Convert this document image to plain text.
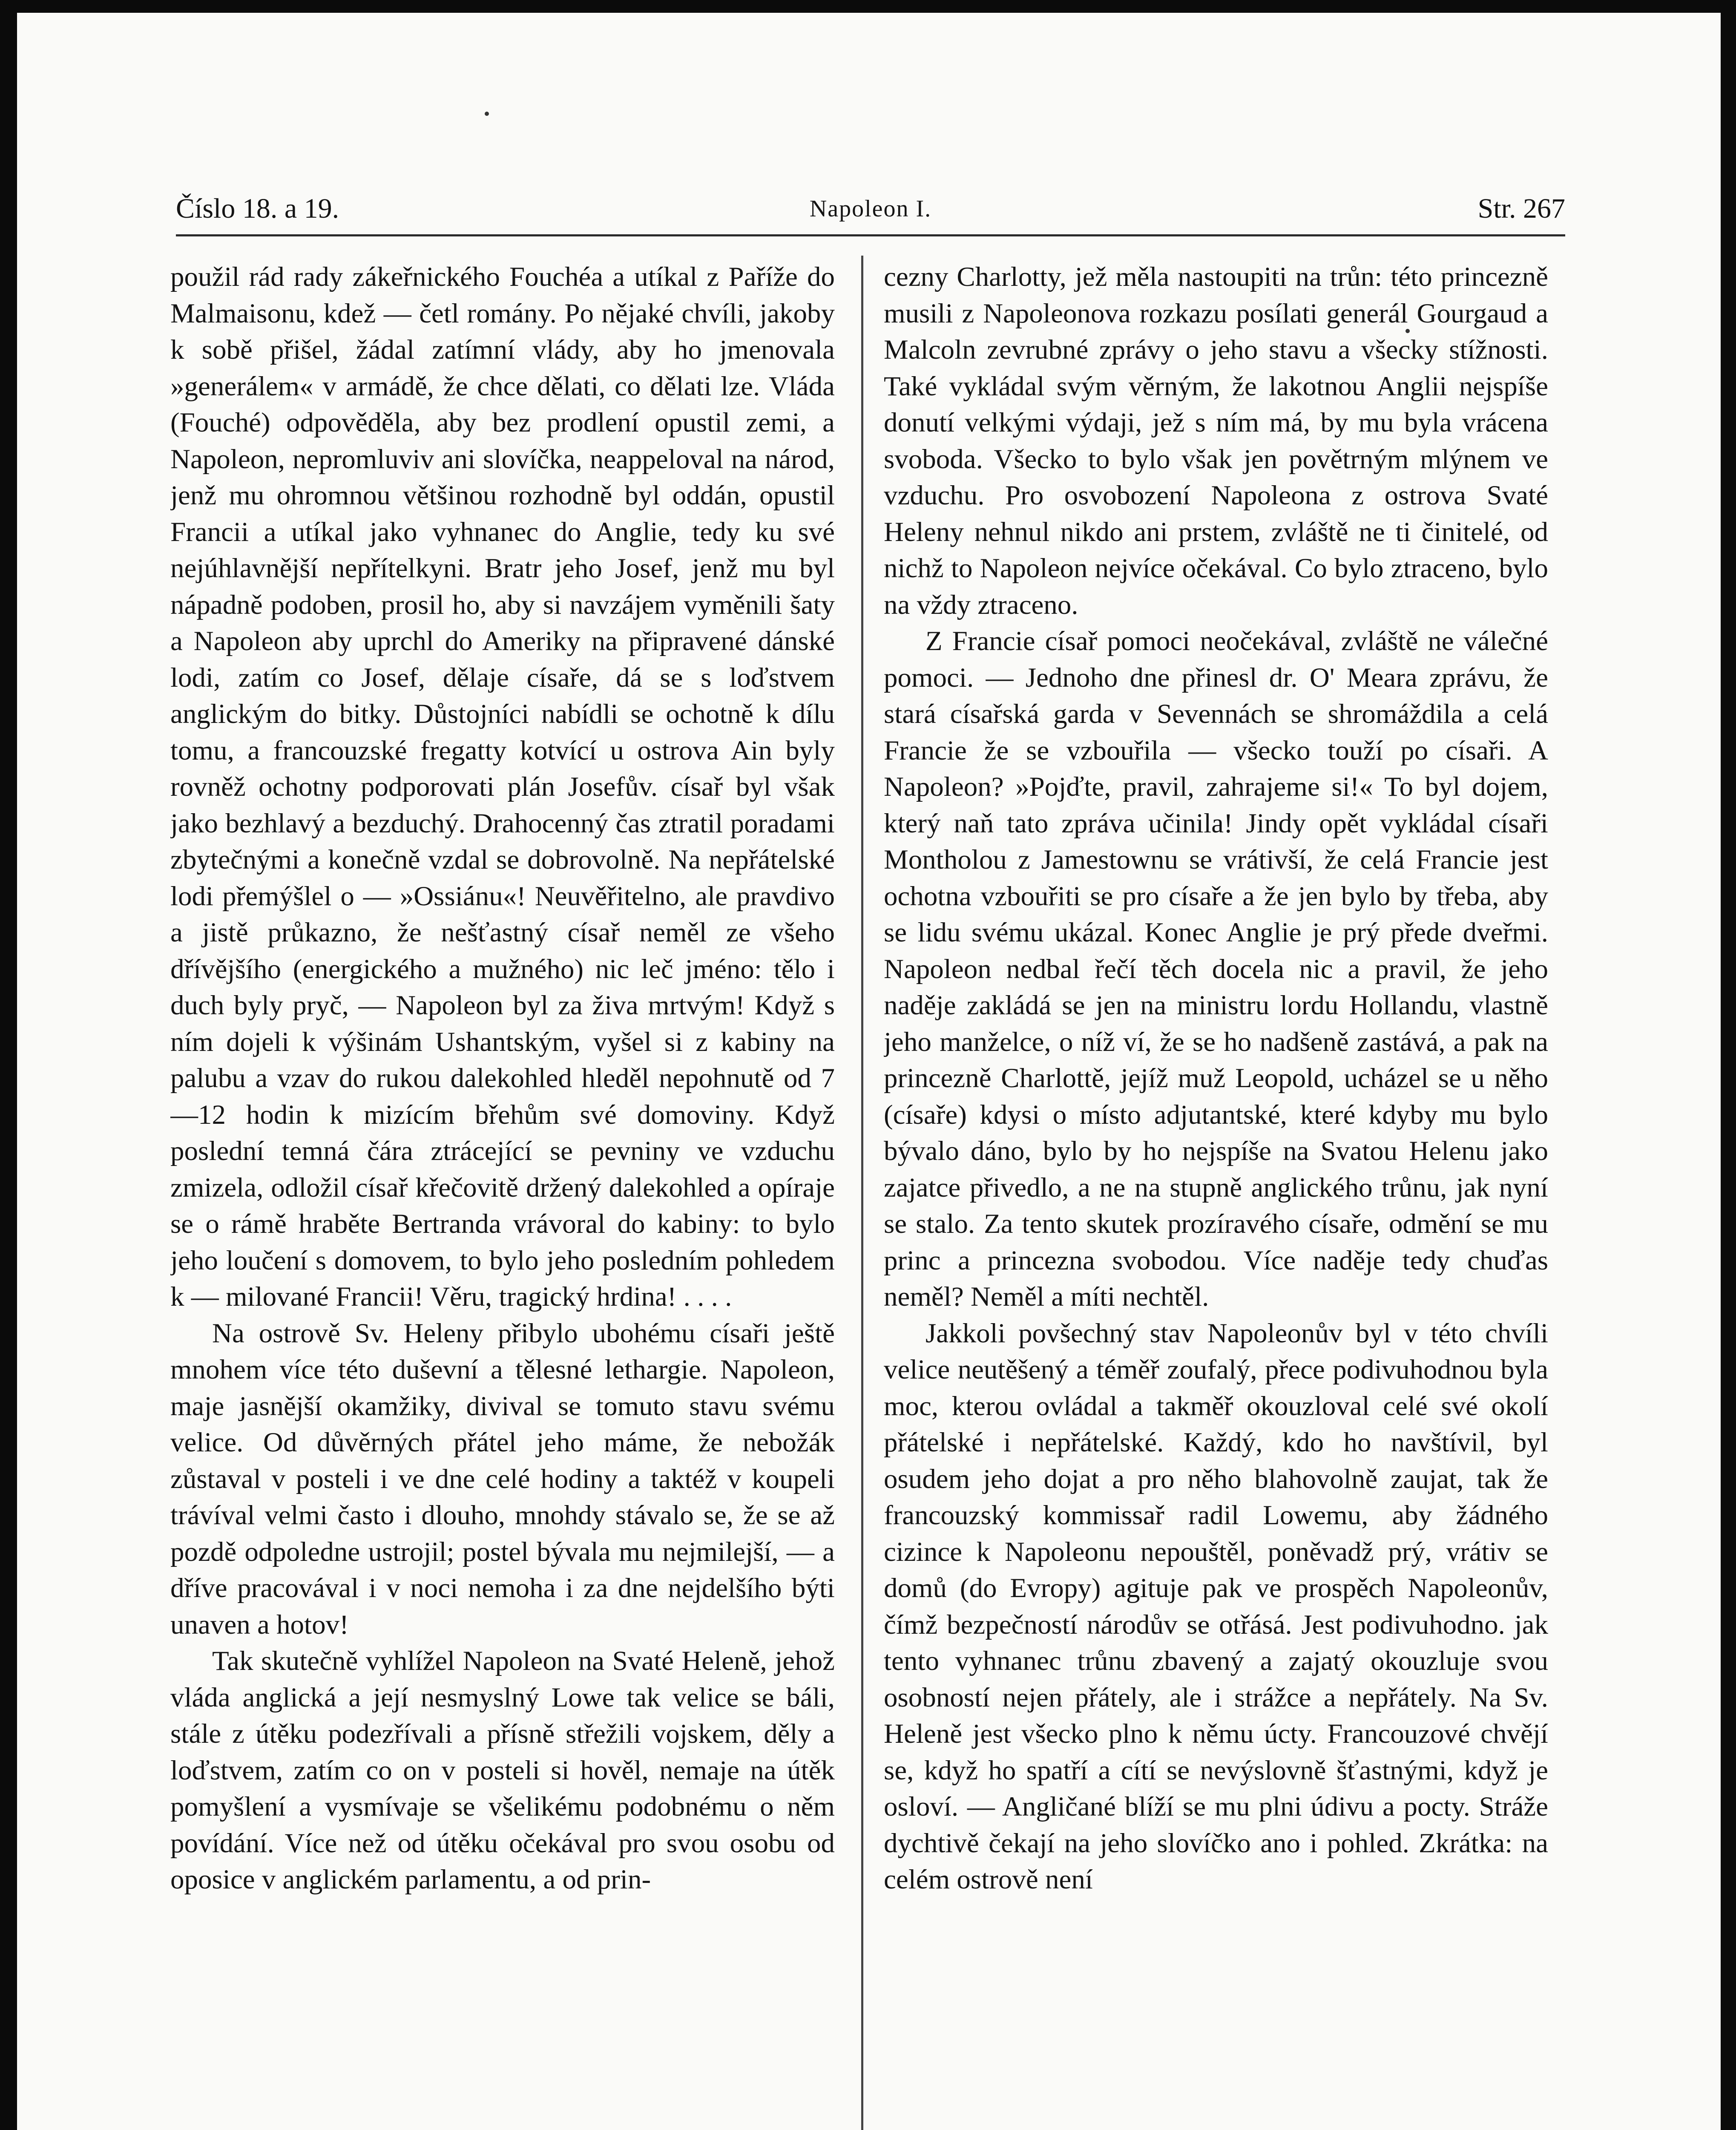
Číslo 18. a 19.	Napoleon I.	Str. 267

použil rád rady zákeřnického Fouchéa a utíkal z Paříže do Malmaisonu, kdež — četl romány. Po nějaké chvíli, jakoby k sobě přišel, žádal zatímní vlády, aby ho jmenovala »generálem« v armádě, že chce dělati, co dělati lze. Vláda (Fouché) odpověděla, aby bez prodlení opustil zemi, a Napoleon, nepromluviv ani slovíčka, neappeloval na národ, jenž mu ohromnou většinou rozhodně byl oddán, opustil Francii a utíkal jako vyhnanec do Anglie, tedy ku své nejúhlavnější nepřítelkyni. Bratr jeho Josef, jenž mu byl nápadně podoben, prosil ho, aby si navzájem vyměnili šaty a Napoleon aby uprchl do Ameriky na připravené dánské lodi, zatím co Josef, dělaje císaře, dá se s loďstvem anglickým do bitky. Důstojníci nabídli se ochotně k dílu tomu, a francouzské fregatty kotvící u ostrova Ain byly rovněž ochotny podporovati plán Josefův. císař byl však jako bezhlavý a bezduchý. Drahocenný čas ztratil poradami zbytečnými a konečně vzdal se dobrovolně. Na nepřátelské lodi přemýšlel o — »Ossiánu«! Neuvěřitelno, ale pravdivo a jistě průkazno, že nešťastný císař neměl ze všeho dřívějšího (energického a mužného) nic leč jméno: tělo i duch byly pryč, — Napoleon byl za živa mrtvým! Když s ním dojeli k výšinám Ushantským, vyšel si z kabiny na palubu a vzav do rukou dalekohled hleděl nepohnutě od 7—12 hodin k mizícím břehům své domoviny. Když poslední temná čára ztrácející se pevniny ve vzduchu zmizela, odložil císař křečovitě držený dalekohled a opíraje se o rámě hraběte Bertranda vrávoral do kabiny: to bylo jeho loučení s domovem, to bylo jeho posledním pohledem k — milované Francii! Věru, tragický hrdina! . . . .

Na ostrově Sv. Heleny přibylo ubohému císaři ještě mnohem více této duševní a tělesné lethargie. Napoleon, maje jasnější okamžiky, divival se tomuto stavu svému velice. Od důvěrných přátel jeho máme, že nebožák zůstaval v posteli i ve dne celé hodiny a taktéž v koupeli trávíval velmi často i dlouho, mnohdy stávalo se, že se až pozdě odpoledne ustrojil; postel bývala mu nejmilejší, — a dříve pracovával i v noci nemoha i za dne nejdelšího býti unaven a hotov!

Tak skutečně vyhlížel Napoleon na Svaté Heleně, jehož vláda anglická a její nesmyslný Lowe tak velice se báli, stále z útěku podezřívali a přísně střežili vojskem, děly a loďstvem, zatím co on v posteli si hověl, nemaje na útěk pomyšlení a vysmívaje se všelikému podobnému o něm povídání. Více než od útěku očekával pro svou osobu od oposice v anglickém parlamentu, a od prin-

cezny Charlotty, jež měla nastoupiti na trůn: této princezně musili z Napoleonova rozkazu posílati generál Gourgaud a Malcoln zevrubné zprávy o jeho stavu a všecky stížnosti. Také vykládal svým věrným, že lakotnou Anglii nejspíše donutí velkými výdaji, jež s ním má, by mu byla vrácena svoboda. Všecko to bylo však jen povětrným mlýnem ve vzduchu. Pro osvobození Napoleona z ostrova Svaté Heleny nehnul nikdo ani prstem, zvláště ne ti činitelé, od nichž to Napoleon nejvíce očekával. Co bylo ztraceno, bylo na vždy ztraceno.

Z Francie císař pomoci neočekával, zvláště ne válečné pomoci. — Jednoho dne přinesl dr. O' Meara zprávu, že stará císařská garda v Sevennách se shromáždila a celá Francie že se vzbouřila — všecko touží po císaři. A Napoleon? »Pojďte, pravil, zahrajeme si!« To byl dojem, který naň tato zpráva učinila! Jindy opět vykládal císaři Montholou z Jamestownu se vrátivší, že celá Francie jest ochotna vzbouřiti se pro císaře a že jen bylo by třeba, aby se lidu svému ukázal. Konec Anglie je prý přede dveřmi. Napoleon nedbal řečí těch docela nic a pravil, že jeho naděje zakládá se jen na ministru lordu Hollandu, vlastně jeho manželce, o níž ví, že se ho nadšeně zastává, a pak na princezně Charlottě, jejíž muž Leopold, ucházel se u něho (císaře) kdysi o místo adjutantské, které kdyby mu bylo bývalo dáno, bylo by ho nejspíše na Svatou Helenu jako zajatce přivedlo, a ne na stupně anglického trůnu, jak nyní se stalo. Za tento skutek prozíravého císaře, odmění se mu princ a princezna svobodou. Více naděje tedy chuďas neměl? Neměl a míti nechtěl.

Jakkoli povšechný stav Napoleonův byl v této chvíli velice neutěšený a téměř zoufalý, přece podivuhodnou byla moc, kterou ovládal a takměř okouzloval celé své okolí přátelské i nepřátelské. Každý, kdo ho navštívil, byl osudem jeho dojat a pro něho blahovolně zaujat, tak že francouzský kommissař radil Lowemu, aby žádného cizince k Napoleonu nepouštěl, poněvadž prý, vrátiv se domů (do Evropy) agituje pak ve prospěch Napoleonův, čímž bezpečností národův se otřásá. Jest podivuhodno. jak tento vyhnanec trůnu zbavený a zajatý okouzluje svou osobností nejen přátely, ale i strážce a nepřátely. Na Sv. Heleně jest všecko plno k němu úcty. Francouzové chvějí se, když ho spatří a cítí se nevýslovně šťastnými, když je osloví. — Angličané blíží se mu plni údivu a pocty. Stráže dychtivě čekají na jeho slovíčko ano i pohled. Zkrátka: na celém ostrově není
